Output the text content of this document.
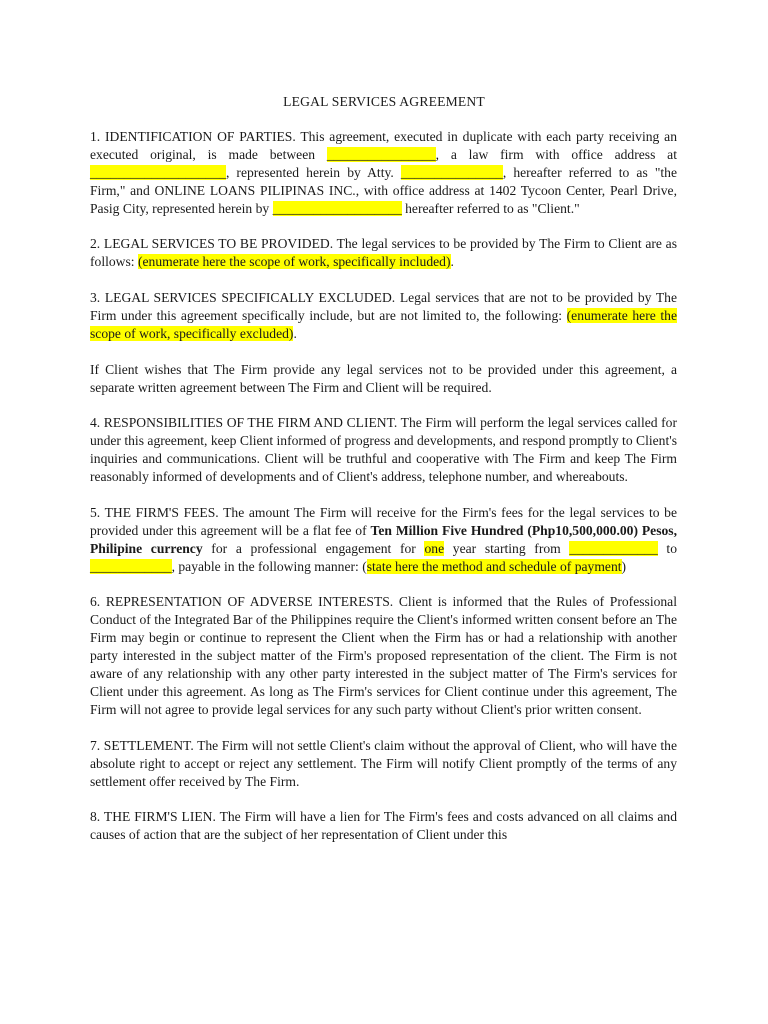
LEGAL SERVICES AGREEMENT

1. IDENTIFICATION OF PARTIES. This agreement, executed in duplicate with each party receiving an executed original, is made between ________________, a law firm with office address at ____________________, represented herein by Atty. _______________, hereafter referred to as "the Firm," and ONLINE LOANS PILIPINAS INC., with office address at 1402 Tycoon Center, Pearl Drive, Pasig City, represented herein by ___________________ hereafter referred to as "Client."

2. LEGAL SERVICES TO BE PROVIDED. The legal services to be provided by The Firm to Client are as follows: (enumerate here the scope of work, specifically included).

3. LEGAL SERVICES SPECIFICALLY EXCLUDED. Legal services that are not to be provided by The Firm under this agreement specifically include, but are not limited to, the following: (enumerate here the scope of work, specifically excluded).

If Client wishes that The Firm provide any legal services not to be provided under this agreement, a separate written agreement between The Firm and Client will be required.

4. RESPONSIBILITIES OF THE FIRM AND CLIENT. The Firm will perform the legal services called for under this agreement, keep Client informed of progress and developments, and respond promptly to Client's inquiries and communications. Client will be truthful and cooperative with The Firm and keep The Firm reasonably informed of developments and of Client's address, telephone number, and whereabouts.

5. THE FIRM'S FEES. The amount The Firm will receive for the Firm's fees for the legal services to be provided under this agreement will be a flat fee of Ten Million Five Hundred (Php10,500,000.00) Pesos, Philipine currency for a professional engagement for one year starting from _____________ to ____________, payable in the following manner: (state here the method and schedule of payment)

6. REPRESENTATION OF ADVERSE INTERESTS. Client is informed that the Rules of Professional Conduct of the Integrated Bar of the Philippines require the Client's informed written consent before an The Firm may begin or continue to represent the Client when the Firm has or had a relationship with another party interested in the subject matter of the Firm's proposed representation of the client. The Firm is not aware of any relationship with any other party interested in the subject matter of The Firm's services for Client under this agreement. As long as The Firm's services for Client continue under this agreement, The Firm will not agree to provide legal services for any such party without Client's prior written consent.

7. SETTLEMENT. The Firm will not settle Client's claim without the approval of Client, who will have the absolute right to accept or reject any settlement. The Firm will notify Client promptly of the terms of any settlement offer received by The Firm.

8. THE FIRM'S LIEN. The Firm will have a lien for The Firm's fees and costs advanced on all claims and causes of action that are the subject of her representation of Client under this
